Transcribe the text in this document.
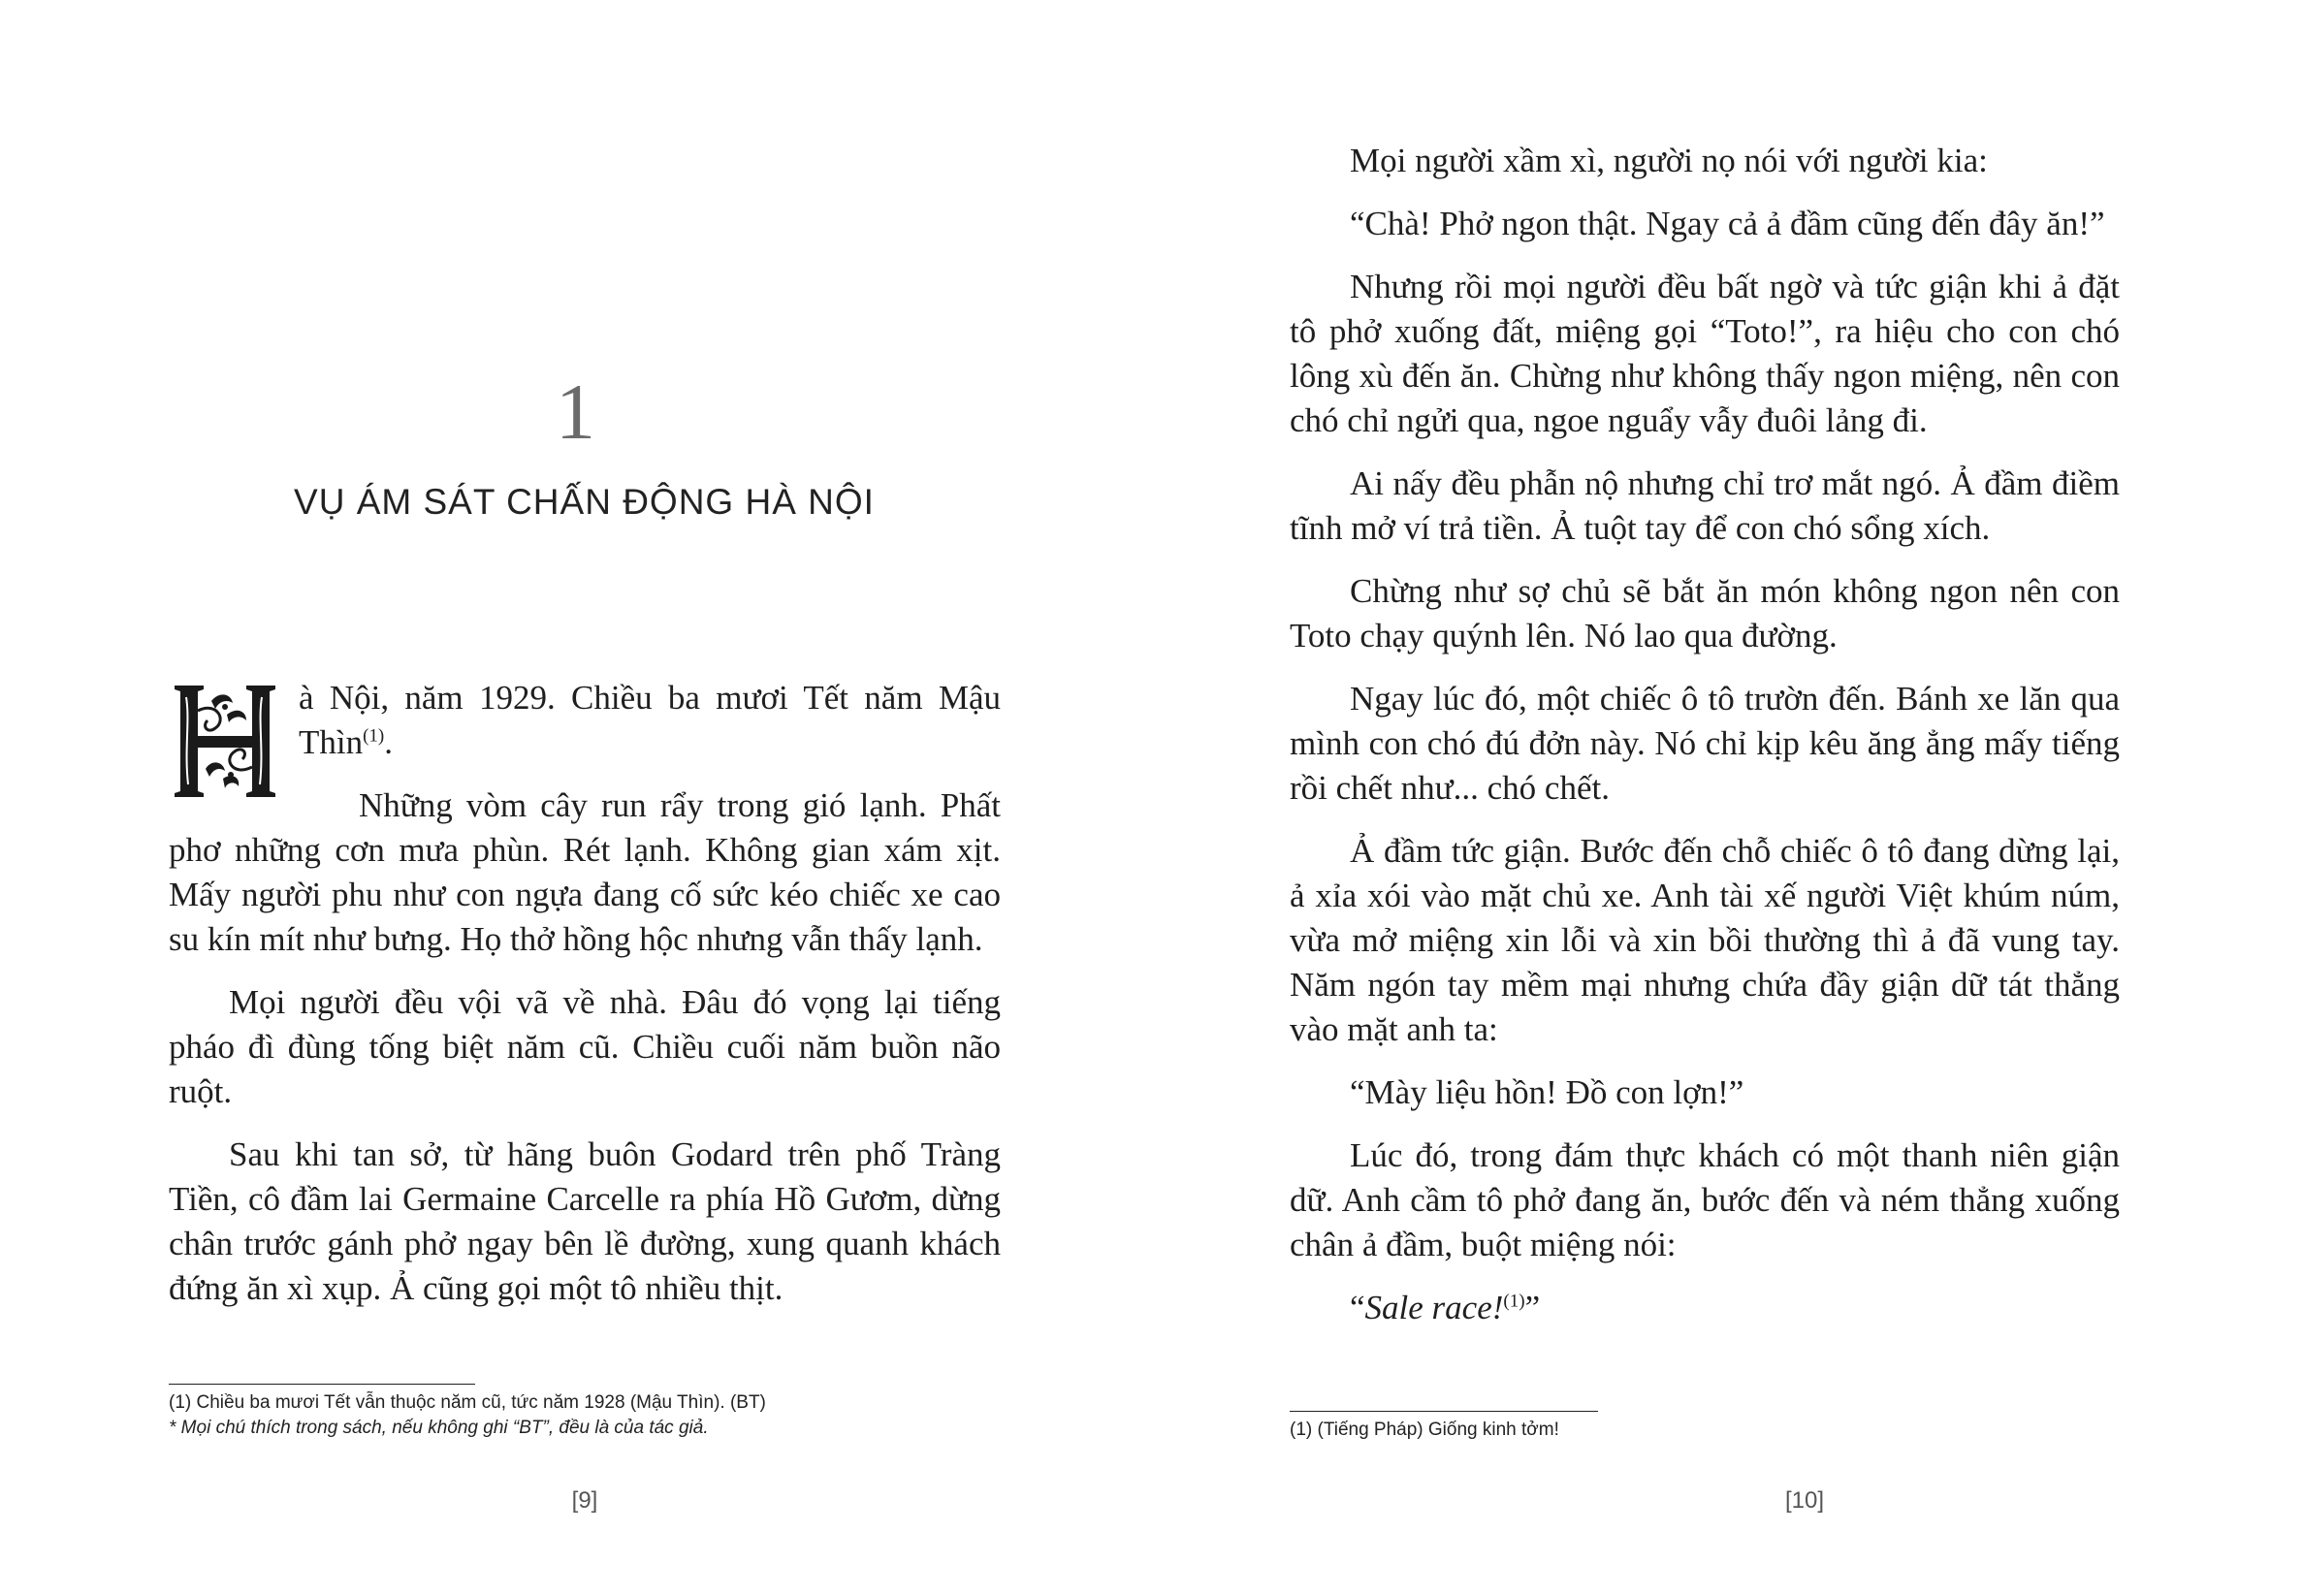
1
VỤ ÁM SÁT CHẤN ĐỘNG HÀ NỘI

à Nội, năm 1929. Chiều ba mươi Tết năm Mậu Thìn$^{(1)}$.

Những vòm cây run rẩy trong gió lạnh. Phất phơ những cơn mưa phùn. Rét lạnh. Không gian xám xịt. Mấy người phu như con ngựa đang cố sức kéo chiếc xe cao su kín mít như bưng. Họ thở hồng hộc nhưng vẫn thấy lạnh.

Mọi người đều vội vã về nhà. Đâu đó vọng lại tiếng pháo đì đùng tống biệt năm cũ. Chiều cuối năm buồn não ruột.

Sau khi tan sở, từ hãng buôn Godard trên phố Tràng Tiền, cô đầm lai Germaine Carcelle ra phía Hồ Gươm, dừng chân trước gánh phở ngay bên lề đường, xung quanh khách đứng ăn xì xụp. Ả cũng gọi một tô nhiều thịt.

(1) Chiều ba mươi Tết vẫn thuộc năm cũ, tức năm 1928 (Mậu Thìn). (BT)

* Mọi chú thích trong sách, nếu không ghi “BT”, đều là của tác giả.

[9]

Mọi người xầm xì, người nọ nói với người kia:

“Chà! Phở ngon thật. Ngay cả ả đầm cũng đến đây ăn!”

Nhưng rồi mọi người đều bất ngờ và tức giận khi ả đặt tô phở xuống đất, miệng gọi “Toto!”, ra hiệu cho con chó lông xù đến ăn. Chừng như không thấy ngon miệng, nên con chó chỉ ngửi qua, ngoe nguẩy vẫy đuôi lảng đi.

Ai nấy đều phẫn nộ nhưng chỉ trơ mắt ngó. Ả đầm điềm tĩnh mở ví trả tiền. Ả tuột tay để con chó sổng xích.

Chừng như sợ chủ sẽ bắt ăn món không ngon nên con Toto chạy quýnh lên. Nó lao qua đường.

Ngay lúc đó, một chiếc ô tô trườn đến. Bánh xe lăn qua mình con chó đú đởn này. Nó chỉ kịp kêu ăng ẳng mấy tiếng rồi chết như... chó chết.

Ả đầm tức giận. Bước đến chỗ chiếc ô tô đang dừng lại, ả xỉa xói vào mặt chủ xe. Anh tài xế người Việt khúm núm, vừa mở miệng xin lỗi và xin bồi thường thì ả đã vung tay. Năm ngón tay mềm mại nhưng chứa đầy giận dữ tát thẳng vào mặt anh ta:

“Mày liệu hồn! Đồ con lợn!”

Lúc đó, trong đám thực khách có một thanh niên giận dữ. Anh cầm tô phở đang ăn, bước đến và ném thẳng xuống chân ả đầm, buột miệng nói:

“Sale race!$^{(1)}$”

(1) (Tiếng Pháp) Giống kinh tởm!

[10]
